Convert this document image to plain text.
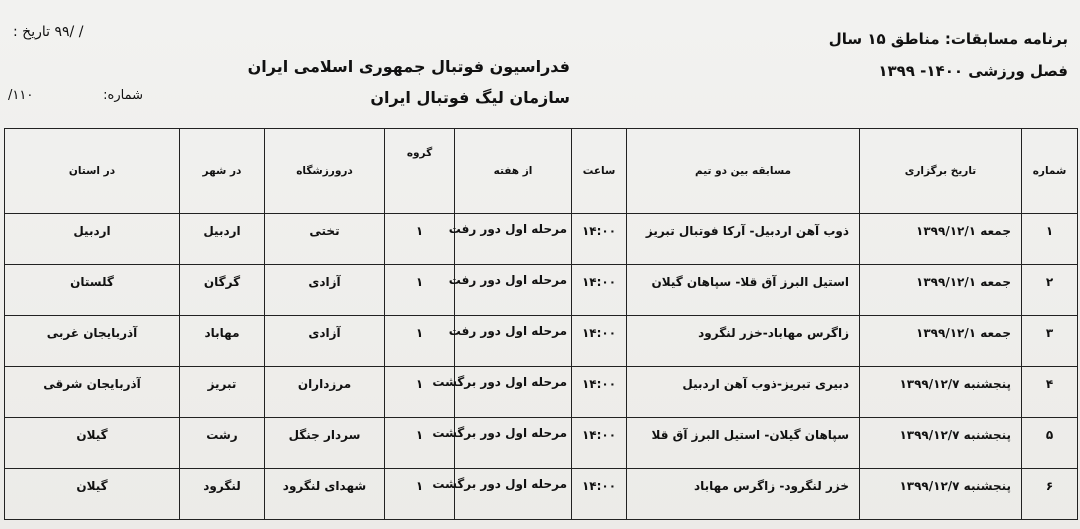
برنامه مسابقات: مناطق ۱۵ سال
فصل ورزشی ۱۴۰۰- ۱۳۹۹
فدراسیون فوتبال جمهوری اسلامی ایران
سازمان لیگ فوتبال ایران
/ /۹۹ تاریخ :
شماره:
۱۱۰/
شماره	تاریخ برگزاری	مسابقه بین دو تیم	ساعت	از هفته	گروه	درورزشگاه	در شهر	در استان
۱	جمعه ۱۳۹۹/۱۲/۱	ذوب آهن اردبیل- آرکا فوتبال تبریز	۱۴:۰۰	مرحله اول دور رفت	۱	تختی	اردبیل	اردبیل
۲	جمعه ۱۳۹۹/۱۲/۱	استیل البرز آق قلا- سپاهان گیلان	۱۴:۰۰	مرحله اول دور رفت	۱	آزادی	گرگان	گلستان
۳	جمعه ۱۳۹۹/۱۲/۱	زاگرس مهاباد-خزر لنگرود	۱۴:۰۰	مرحله اول دور رفت	۱	آزادی	مهاباد	آذربایجان غربی
۴	پنجشنبه ۱۳۹۹/۱۲/۷	دبیری تبریز-ذوب آهن اردبیل	۱۴:۰۰	مرحله اول دور برگشت	۱	مرزداران	تبریز	آذربایجان شرقی
۵	پنجشنبه ۱۳۹۹/۱۲/۷	سپاهان گیلان- استیل البرز آق قلا	۱۴:۰۰	مرحله اول دور برگشت	۱	سردار جنگل	رشت	گیلان
۶	پنجشنبه ۱۳۹۹/۱۲/۷	خزر لنگرود- زاگرس مهاباد	۱۴:۰۰	مرحله اول دور برگشت	۱	شهدای لنگرود	لنگرود	گیلان
